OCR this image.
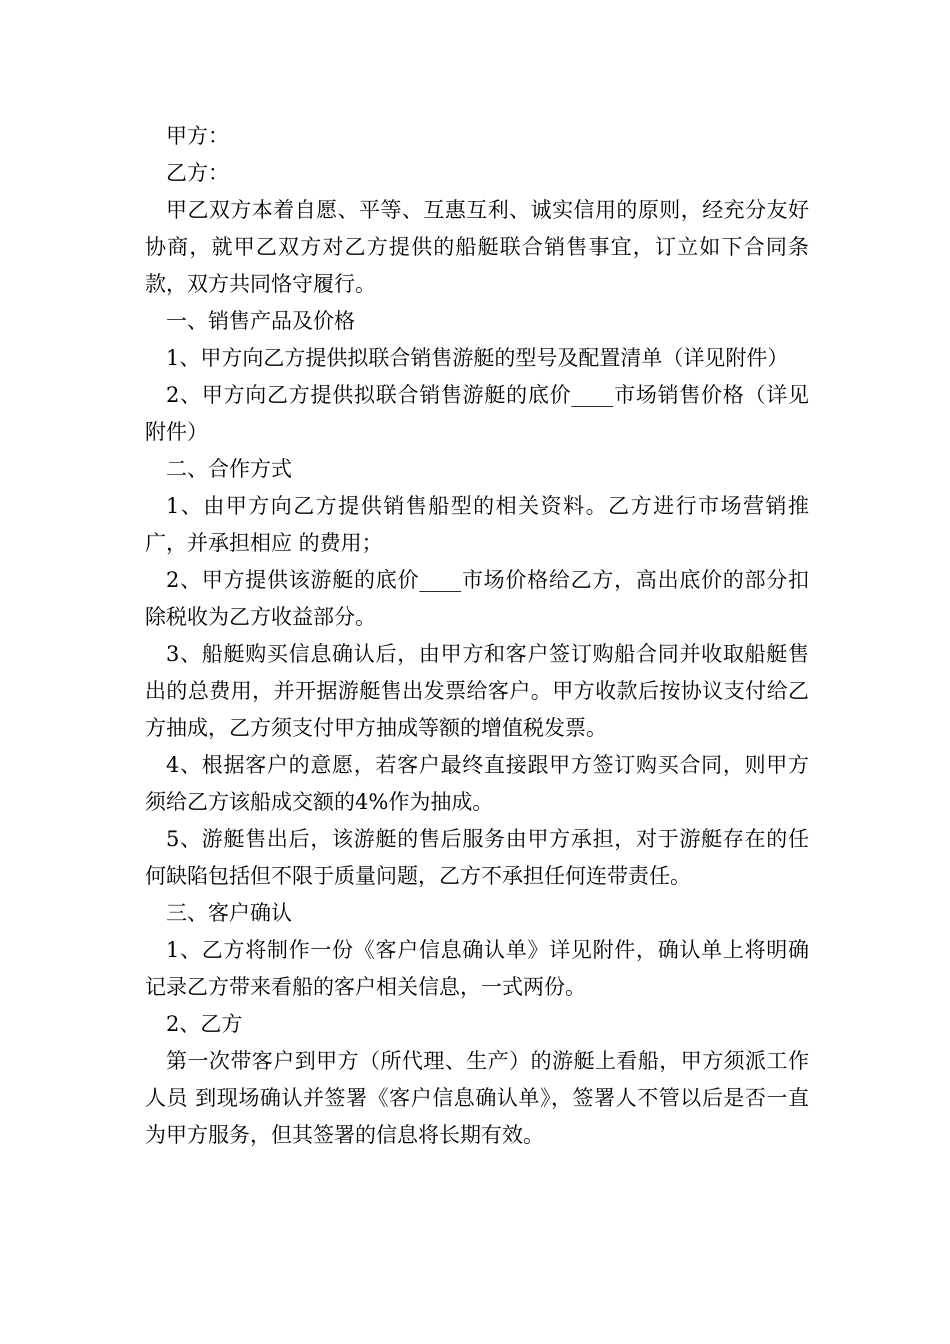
甲方：

乙方：

甲乙双方本着自愿、平等、互惠互利、诚实信用的原则，经充分友好协商，就甲乙双方对乙方提供的船艇联合销售事宜，订立如下合同条款，双方共同恪守履行。

一、销售产品及价格

1、甲方向乙方提供拟联合销售游艇的型号及配置清单（详见附件）

2、甲方向乙方提供拟联合销售游艇的底价____市场销售价格（详见附件）

二、合作方式

1、由甲方向乙方提供销售船型的相关资料。乙方进行市场营销推广，并承担相应 的费用；

2、甲方提供该游艇的底价____市场价格给乙方，高出底价的部分扣除税收为乙方收益部分。

3、船艇购买信息确认后，由甲方和客户签订购船合同并收取船艇售出的总费用，并开据游艇售出发票给客户。甲方收款后按协议支付给乙方抽成，乙方须支付甲方抽成等额的增值税发票。

4、根据客户的意愿，若客户最终直接跟甲方签订购买合同，则甲方须给乙方该船成交额的4%作为抽成。

5、游艇售出后，该游艇的售后服务由甲方承担，对于游艇存在的任何缺陷包括但不限于质量问题，乙方不承担任何连带责任。

三、客户确认

1、乙方将制作一份《客户信息确认单》详见附件，确认单上将明确记录乙方带来看船的客户相关信息，一式两份。

2、乙方

第一次带客户到甲方（所代理、生产）的游艇上看船，甲方须派工作人员 到现场确认并签署《客户信息确认单》，签署人不管以后是否一直为甲方服务，但其签署的信息将长期有效。
